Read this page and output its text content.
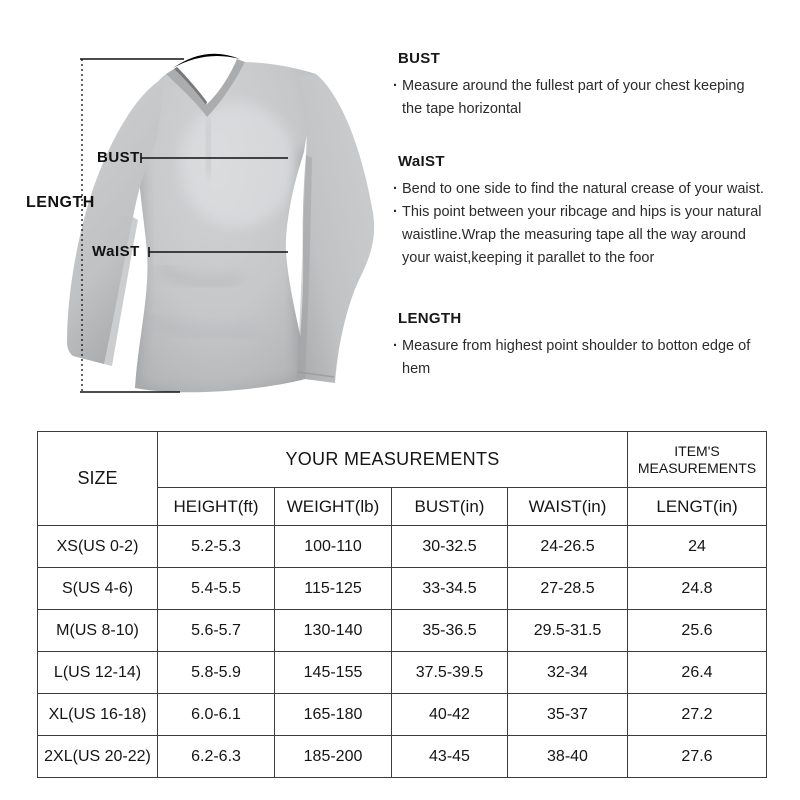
LENGTH
BUST
WaIST
BUST
· Measure around the fullest part of your chest keeping
the tape horizontal
WaIST
· Bend to one side to find the natural crease of your waist.
· This point between your ribcage and hips is your natural
waistline.Wrap the measuring tape all the way around
your waist,keeping it parallet to the foor
LENGTH
· Measure from highest point shoulder to botton edge of
hem
SIZE	YOUR MEASUREMENTS				ITEM'S MEASUREMENTS
	HEIGHT(ft)	WEIGHT(lb)	BUST(in)	WAIST(in)	LENGT(in)
XS(US 0-2)	5.2-5.3	100-110	30-32.5	24-26.5	24
S(US 4-6)	5.4-5.5	115-125	33-34.5	27-28.5	24.8
M(US 8-10)	5.6-5.7	130-140	35-36.5	29.5-31.5	25.6
L(US 12-14)	5.8-5.9	145-155	37.5-39.5	32-34	26.4
XL(US 16-18)	6.0-6.1	165-180	40-42	35-37	27.2
2XL(US 20-22)	6.2-6.3	185-200	43-45	38-40	27.6
